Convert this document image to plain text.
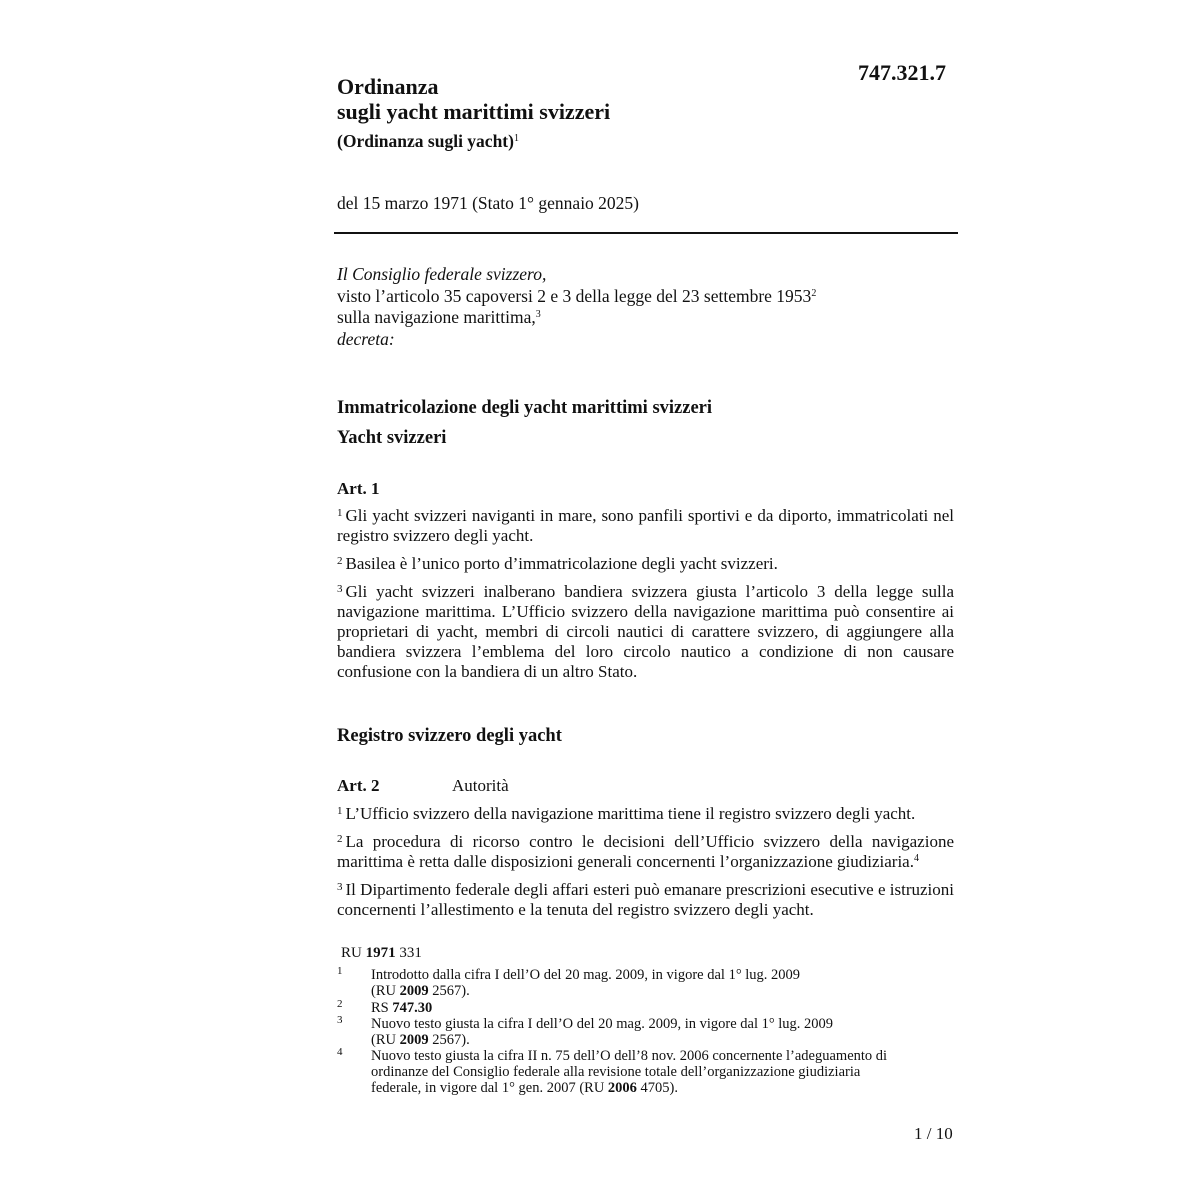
747.321.7
Ordinanza
sugli yacht marittimi svizzeri
(Ordinanza sugli yacht)$^1$
del 15 marzo 1971 (Stato 1° gennaio 2025)
Il Consiglio federale svizzero,
visto l’articolo 35 capoversi 2 e 3 della legge del 23 settembre 1953$^2$
sulla navigazione marittima,$^3$
decreta:
Immatricolazione degli yacht marittimi svizzeri
Yacht svizzeri
Art. 1
$^1$ Gli yacht svizzeri naviganti in mare, sono panfili sportivi e da diporto, immatricolati nel registro svizzero degli yacht.
$^2$ Basilea è l’unico porto d’immatricolazione degli yacht svizzeri.
$^3$ Gli yacht svizzeri inalberano bandiera svizzera giusta l’articolo 3 della legge sulla navigazione marittima. L’Ufficio svizzero della navigazione marittima può consentire ai proprietari di yacht, membri di circoli nautici di carattere svizzero, di aggiungere alla bandiera svizzera l’emblema del loro circolo nautico a condizione di non causare confusione con la bandiera di un altro Stato.
Registro svizzero degli yacht
Art. 2	Autorità
$^1$ L’Ufficio svizzero della navigazione marittima tiene il registro svizzero degli yacht.
$^2$ La procedura di ricorso contro le decisioni dell’Ufficio svizzero della navigazione marittima è retta dalle disposizioni generali concernenti l’organizzazione giudiziaria.$^4$
$^3$ Il Dipartimento federale degli affari esteri può emanare prescrizioni esecutive e istruzioni concernenti l’allestimento e la tenuta del registro svizzero degli yacht.
RU 1971 331
1 Introdotto dalla cifra I dell’O del 20 mag. 2009, in vigore dal 1° lug. 2009
(RU 2009 2567).
2 RS 747.30
3 Nuovo testo giusta la cifra I dell’O del 20 mag. 2009, in vigore dal 1° lug. 2009
(RU 2009 2567).
4 Nuovo testo giusta la cifra II n. 75 dell’O dell’8 nov. 2006 concernente l’adeguamento di
ordinanze del Consiglio federale alla revisione totale dell’organizzazione giudiziaria
federale, in vigore dal 1° gen. 2007 (RU 2006 4705).
1 / 10
